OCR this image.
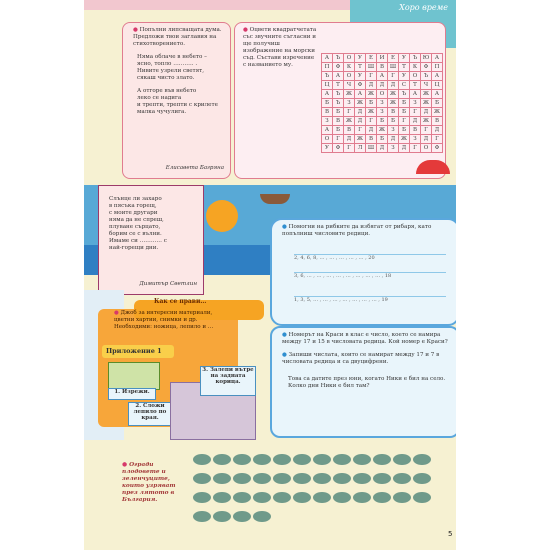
Хоро време
● Попълни липсващата дума. Предложи твои заглавия на стихотворението.
Няма облачe в небето –
ясно, топло ……….. .
Нивите узрели светят,
сякаш чисто злато.
А отгоре във небето
леко се надига
и трепти, трепти с крилете
малка чучулига.
Елисавета Багряна
● Оцвети квадратчетата със звучните съгласни и ще получиш изображение на морски съд. Състави изречение с названието му.
А	Ъ	О	У	Е	И	Е	У	Ъ	Ю	А
П	Ф	К	Т	Ш	В	Ш	Т	К	Ф	П
Ъ	А	О	У	Г	А	Г	У	О	Ъ	А
Ц	Т	Ч	Ф	Д	Д	Д	С	Т	Ч	Ц
А	Ъ	Ж	А	Ж	О	Ж	Ъ	А	Ж	А
Б	Ъ	З	Ж	Б	З	Ж	Б	З	Ж	Б
В	Б	Г	Д	Ж	З	В	Б	Г	Д	Ж
З	В	Ж	Д	Г	Б	Б	Г	Д	Ж	В
А	Б	В	Г	Д	Ж	З	Б	В	Г	Д
О	Г	Д	Ж	В	Б	Д	Ж	З	Д	Г
У	Ф	Г	Л	Ш	Д	З	Д	Г	О	Ф
Слънце ли захаро
в пясъка горещ,
с моите другари
няма да не спреш,
плуване сърцато,
борим се с вълни.
Имаме си ………… с
най-горещи дни.
Димитър Светлин
● Помогни на рибките да избягат от рибаря, като попълниш числовите редици.
2, 4, 6, 8, … , … , … , … , … , 20
3, 6, … , … , … , … , … , … , … , … , 18
1, 3, 5, … , … , … , … , … , … , … , 19
● Номерът на Краси в клас е число, което се намира между 17 и 15 в числовата редица. Кой номер е Краси?
● Запиши числата, които се намират между 17 и 7 в числовата редица и са двуцифрени.
Това са датите през юни, когато Ники е бил на село. Колко дни Ники е бил там?
Как се прави…
● Джоб за интересни материали, цветни хартии, снимки и др. Необходими: ножица, лепило и …
Приложение 1
1. Изрежи.
2. Сложи лепило по края.
3. Залепи вътре на задната корица.
● Огради плодовете и зеленчуците, които узряват през лятото в България.
5
